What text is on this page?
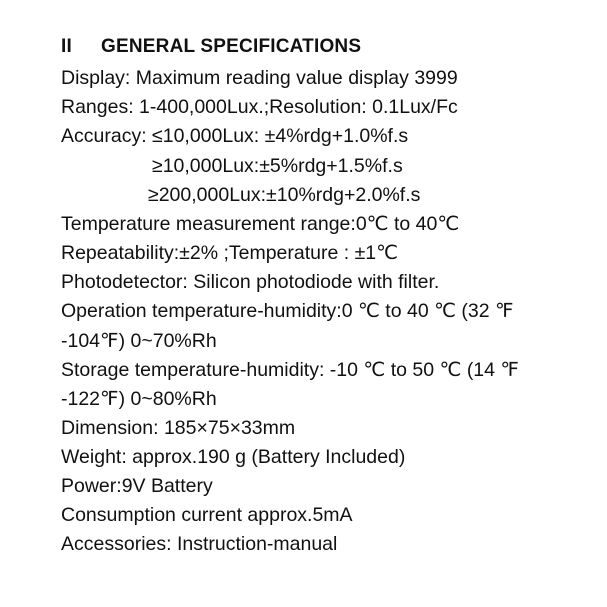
II GENERAL SPECIFICATIONS
Display: Maximum reading value display 3999
Ranges: 1-400,000Lux.;Resolution: 0.1Lux/Fc
Accuracy: ≤10,000Lux: ±4%rdg+1.0%f.s
≥10,000Lux:±5%rdg+1.5%f.s
≥200,000Lux:±10%rdg+2.0%f.s
Temperature measurement range:0℃ to 40℃
Repeatability:±2% ;Temperature : ±1℃
Photodetector: Silicon photodiode with filter.
Operation temperature-humidity:0 ℃ to 40 ℃ (32 ℉
-104℉) 0~70%Rh
Storage temperature-humidity: -10 ℃ to 50 ℃ (14 ℉
-122℉) 0~80%Rh
Dimension: 185×75×33mm
Weight: approx.190 g (Battery Included)
Power:9V Battery
Consumption current approx.5mA
Accessories: Instruction-manual
